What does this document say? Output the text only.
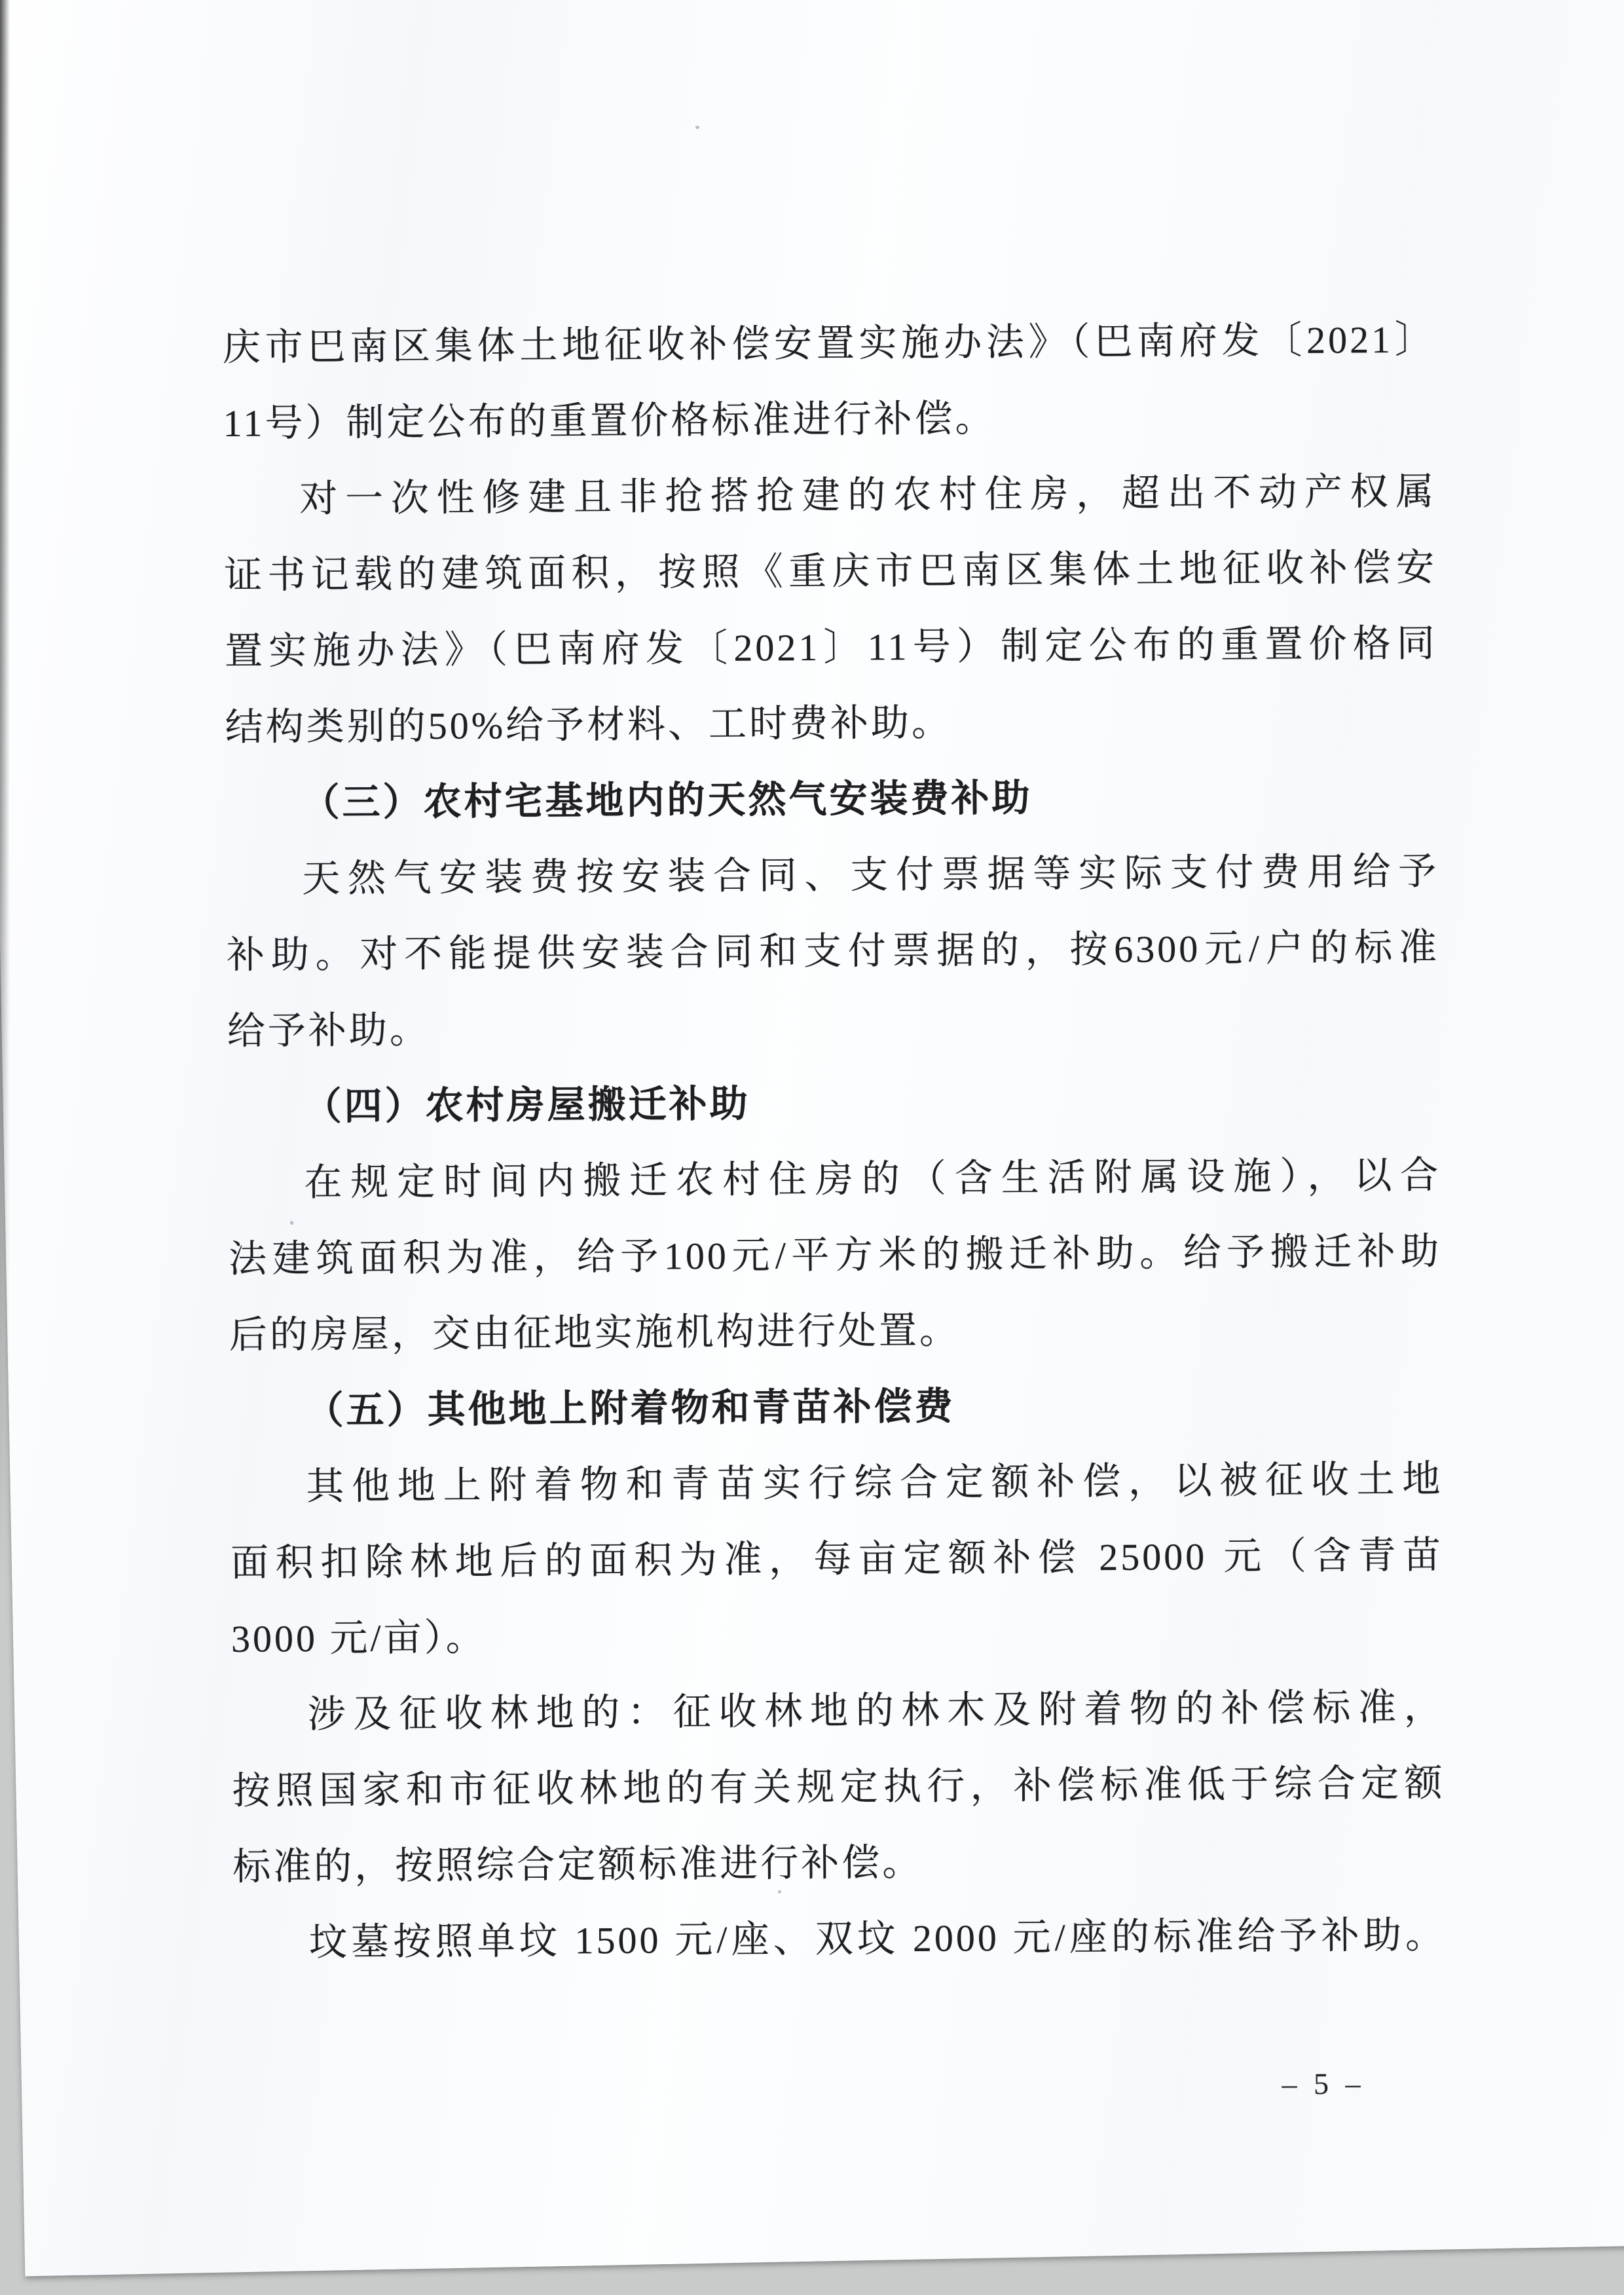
– 5 –
庆市巴南区集体土地征收补偿安置实施办法》（巴南府发〔2021〕
11号）制定公布的重置价格标准进行补偿。
对一次性修建且非抢搭抢建的农村住房，超出不动产权属
证书记载的建筑面积，按照《重庆市巴南区集体土地征收补偿安
置实施办法》（巴南府发〔2021〕11号）制定公布的重置价格同
结构类别的50%给予材料、工时费补助。
（三）农村宅基地内的天然气安装费补助
天然气安装费按安装合同、支付票据等实际支付费用给予
补助。对不能提供安装合同和支付票据的，按6300元/户的标准
给予补助。
（四）农村房屋搬迁补助
在规定时间内搬迁农村住房的（含生活附属设施），以合
法建筑面积为准，给予100元/平方米的搬迁补助。给予搬迁补助
后的房屋，交由征地实施机构进行处置。
（五）其他地上附着物和青苗补偿费
其他地上附着物和青苗实行综合定额补偿，以被征收土地
面积扣除林地后的面积为准，每亩定额补偿 25000 元（含青苗
3000 元/亩）。
涉及征收林地的：征收林地的林木及附着物的补偿标准，
按照国家和市征收林地的有关规定执行，补偿标准低于综合定额
标准的，按照综合定额标准进行补偿。
坟墓按照单坟 1500 元/座、双坟 2000 元/座的标准给予补助。
